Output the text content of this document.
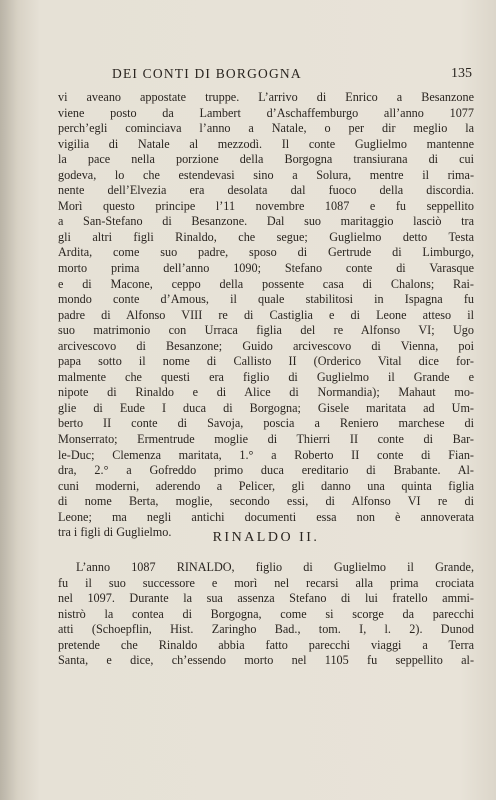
DEI CONTI DI BORGOGNA	135
vi aveano appostate truppe. L’arrivo di Enrico a Besanzone
viene posto da Lambert d’Aschaffemburgo all’anno 1077
perch’egli cominciava l’anno a Natale, o per dir meglio la
vigilia di Natale al mezzodì. Il conte Guglielmo mantenne
la pace nella porzione della Borgogna transiurana di cui
godeva, lo che estendevasi sino a Solura, mentre il rima-
nente dell’Elvezia era desolata dal fuoco della discordia.
Morì questo principe l’11 novembre 1087 e fu seppellito
a San-Stefano di Besanzone. Dal suo maritaggio lasciò tra
gli altri figli Rinaldo, che segue; Guglielmo detto Testa
Ardita, come suo padre, sposo di Gertrude di Limburgo,
morto prima dell’anno 1090; Stefano conte di Varasque
e di Macone, ceppo della possente casa di Chalons; Rai-
mondo conte d’Amous, il quale stabilitosi in Ispagna fu
padre di Alfonso VIII re di Castiglia e di Leone atteso il
suo matrimonio con Urraca figlia del re Alfonso VI; Ugo
arcivescovo di Besanzone; Guido arcivescovo di Vienna, poi
papa sotto il nome di Callisto II (Orderico Vital dice for-
malmente che questi era figlio di Guglielmo il Grande e
nipote di Rinaldo e di Alice di Normandia); Mahaut mo-
glie di Eude I duca di Borgogna; Gisele maritata ad Um-
berto II conte di Savoja, poscia a Reniero marchese di
Monserrato; Ermentrude moglie di Thierri II conte di Bar-
le-Duc; Clemenza maritata, 1.° a Roberto II conte di Fian-
dra, 2.° a Gofreddo primo duca ereditario di Brabante. Al-
cuni moderni, aderendo a Pelicer, gli danno una quinta figlia
di nome Berta, moglie, secondo essi, di Alfonso VI re di
Leone; ma negli antichi documenti essa non è annoverata
tra i figli di Guglielmo.	RINALDO II.
L’anno 1087 RINALDO, figlio di Guglielmo il Grande,
fu il suo successore e morì nel recarsi alla prima crociata
nel 1097. Durante la sua assenza Stefano di lui fratello ammi-
nistrò la contea di Borgogna, come si scorge da parecchi
atti (Schoepflin, Hist. Zaringho Bad., tom. I, l. 2). Dunod
pretende che Rinaldo abbia fatto parecchi viaggi a Terra
Santa, e dice, ch’essendo morto nel 1105 fu seppellito al-
